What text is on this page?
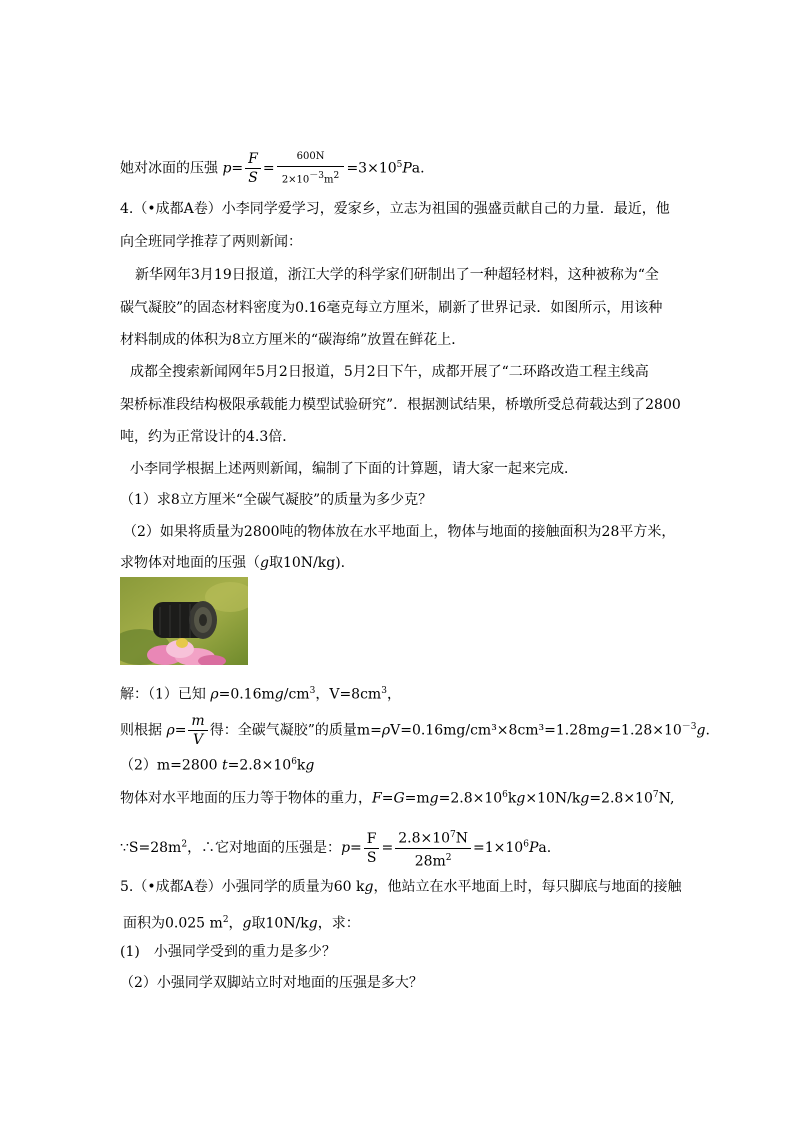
她对冰面的压强 $p= \frac{F}{S} = \frac{600N}{2\times 10-3m2} =3\times 10^5Pa$.
4.（•成都A卷）小李同学爱学习，爱家乡，立志为祖国的强盛贡献自己的力量．最近，他
向全班同学推荐了两则新闻：
新华网年3月19日报道，浙江大学的科学家们研制出了一种超轻材料，这种被称为“全
碳气凝胶”的固态材料密度为0.16毫克每立方厘米，刷新了世界记录．如图所示，用该种
材料制成的体积为8立方厘米的“碳海绵”放置在鲜花上．
成都全搜索新闻网年5月2日报道，5月2日下午，成都开展了“二环路改造工程主线高
架桥标准段结构极限承载能力模型试验研究”．根据测试结果，桥墩所受总荷载达到了2800
吨，约为正常设计的4.3倍．
小李同学根据上述两则新闻，编制了下面的计算题，请大家一起来完成．
（1）求8立方厘米“全碳气凝胶”的质量为多少克？
（2）如果将质量为2800吨的物体放在水平地面上，物体与地面的接触面积为28平方米，
求物体对地面的压强（g取10N/kg).
解：（1）已知 $\rho=0.16mg/cm^3$，$V=8cm^3$，
则根据 $\rho= \frac{m}{V}$ 得：全碳气凝胶”的质量$m=\rho V=0.16mg/cm^3\times 8cm^3=1.28mg=1.28\times 10^{-3}g$.
（2）m=2800 $t=2.8\times 10^6kg$
物体对水平地面的压力等于物体的重力，$F=G=mg=2.8\times 10^6kg\times 10N/kg=2.8\times 10^7N$,
$\because S=28m^2$，∴它对地面的压强是：$p= \frac{F}{S} = \frac{2.8\times 10^7N}{28m^2} =1\times 10^6Pa$.
5.（•成都A卷）小强同学的质量为60 kg，他站立在水平地面上时，每只脚底与地面的接触
面积为0.025 $m^2$，g取10N/kg，求：
(1)　小强同学受到的重力是多少？
（2）小强同学双脚站立时对地面的压强是多大？
